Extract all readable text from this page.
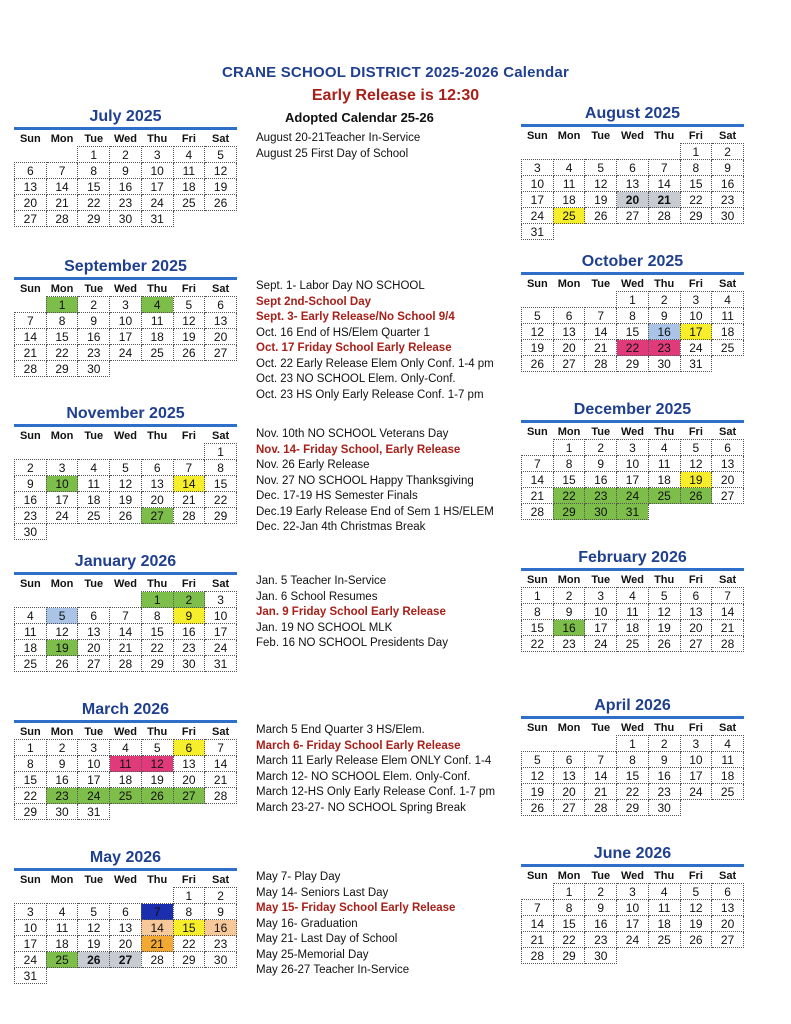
CRANE SCHOOL DISTRICT 2025-2026 Calendar
Early Release is 12:30
Adopted Calendar 25-26
July 2025
Sun	Mon	Tue	Wed	Thu	Fri	Sat
		1	2	3	4	5
6	7	8	9	10	11	12
13	14	15	16	17	18	19
20	21	22	23	24	25	26
27	28	29	30	31		
August 2025
Sun	Mon	Tue	Wed	Thu	Fri	Sat
					1	2
3	4	5	6	7	8	9
10	11	12	13	14	15	16
17	18	19	20	21	22	23
24	25	26	27	28	29	30
31						
September 2025
Sun	Mon	Tue	Wed	Thu	Fri	Sat
	1	2	3	4	5	6
7	8	9	10	11	12	13
14	15	16	17	18	19	20
21	22	23	24	25	26	27
28	29	30				
October 2025
Sun	Mon	Tue	Wed	Thu	Fri	Sat
			1	2	3	4
5	6	7	8	9	10	11
12	13	14	15	16	17	18
19	20	21	22	23	24	25
26	27	28	29	30	31	
November 2025
Sun	Mon	Tue	Wed	Thu	Fri	Sat
						1
2	3	4	5	6	7	8
9	10	11	12	13	14	15
16	17	18	19	20	21	22
23	24	25	26	27	28	29
30						
December 2025
Sun	Mon	Tue	Wed	Thu	Fri	Sat
	1	2	3	4	5	6
7	8	9	10	11	12	13
14	15	16	17	18	19	20
21	22	23	24	25	26	27
28	29	30	31			
January 2026
Sun	Mon	Tue	Wed	Thu	Fri	Sat
				1	2	3
4	5	6	7	8	9	10
11	12	13	14	15	16	17
18	19	20	21	22	23	24
25	26	27	28	29	30	31
February 2026
Sun	Mon	Tue	Wed	Thu	Fri	Sat
1	2	3	4	5	6	7
8	9	10	11	12	13	14
15	16	17	18	19	20	21
22	23	24	25	26	27	28
March 2026
Sun	Mon	Tue	Wed	Thu	Fri	Sat
1	2	3	4	5	6	7
8	9	10	11	12	13	14
15	16	17	18	19	20	21
22	23	24	25	26	27	28
29	30	31				
April 2026
Sun	Mon	Tue	Wed	Thu	Fri	Sat
			1	2	3	4
5	6	7	8	9	10	11
12	13	14	15	16	17	18
19	20	21	22	23	24	25
26	27	28	29	30		
May 2026
Sun	Mon	Tue	Wed	Thu	Fri	Sat
					1	2
3	4	5	6	7	8	9
10	11	12	13	14	15	16
17	18	19	20	21	22	23
24	25	26	27	28	29	30
31						
June 2026
Sun	Mon	Tue	Wed	Thu	Fri	Sat
	1	2	3	4	5	6
7	8	9	10	11	12	13
14	15	16	17	18	19	20
21	22	23	24	25	26	27
28	29	30				
August 20-21Teacher In-Service
August 25 First Day of School
Sept. 1- Labor Day NO SCHOOL
Sept 2nd-School Day
Sept. 3- Early Release/No School 9/4
Oct. 16 End of HS/Elem Quarter 1
Oct. 17 Friday School Early Release
Oct. 22 Early Release Elem Only Conf. 1-4 pm
Oct. 23 NO SCHOOL Elem. Only-Conf.
Oct. 23 HS Only Early Release Conf. 1-7 pm
Nov. 10th NO SCHOOL Veterans Day
Nov. 14- Friday School, Early Release
Nov. 26 Early Release
Nov. 27 NO SCHOOL Happy Thanksgiving
Dec. 17-19 HS Semester Finals
Dec.19 Early Release End of Sem 1 HS/ELEM
Dec. 22-Jan 4th Christmas Break
Jan. 5 Teacher In-Service
Jan. 6 School Resumes
Jan. 9 Friday School Early Release
Jan. 19 NO SCHOOL MLK
Feb. 16 NO SCHOOL Presidents Day
March 5 End Quarter 3 HS/Elem.
March 6- Friday School Early Release
March 11 Early Release Elem ONLY Conf. 1-4
March 12- NO SCHOOL Elem. Only-Conf.
March 12-HS Only Early Release Conf. 1-7 pm
March 23-27- NO SCHOOL Spring Break
May 7- Play Day
May 14- Seniors Last Day
May 15- Friday School Early Release
May 16- Graduation
May 21- Last Day of School
May 25-Memorial Day
May 26-27 Teacher In-Service
